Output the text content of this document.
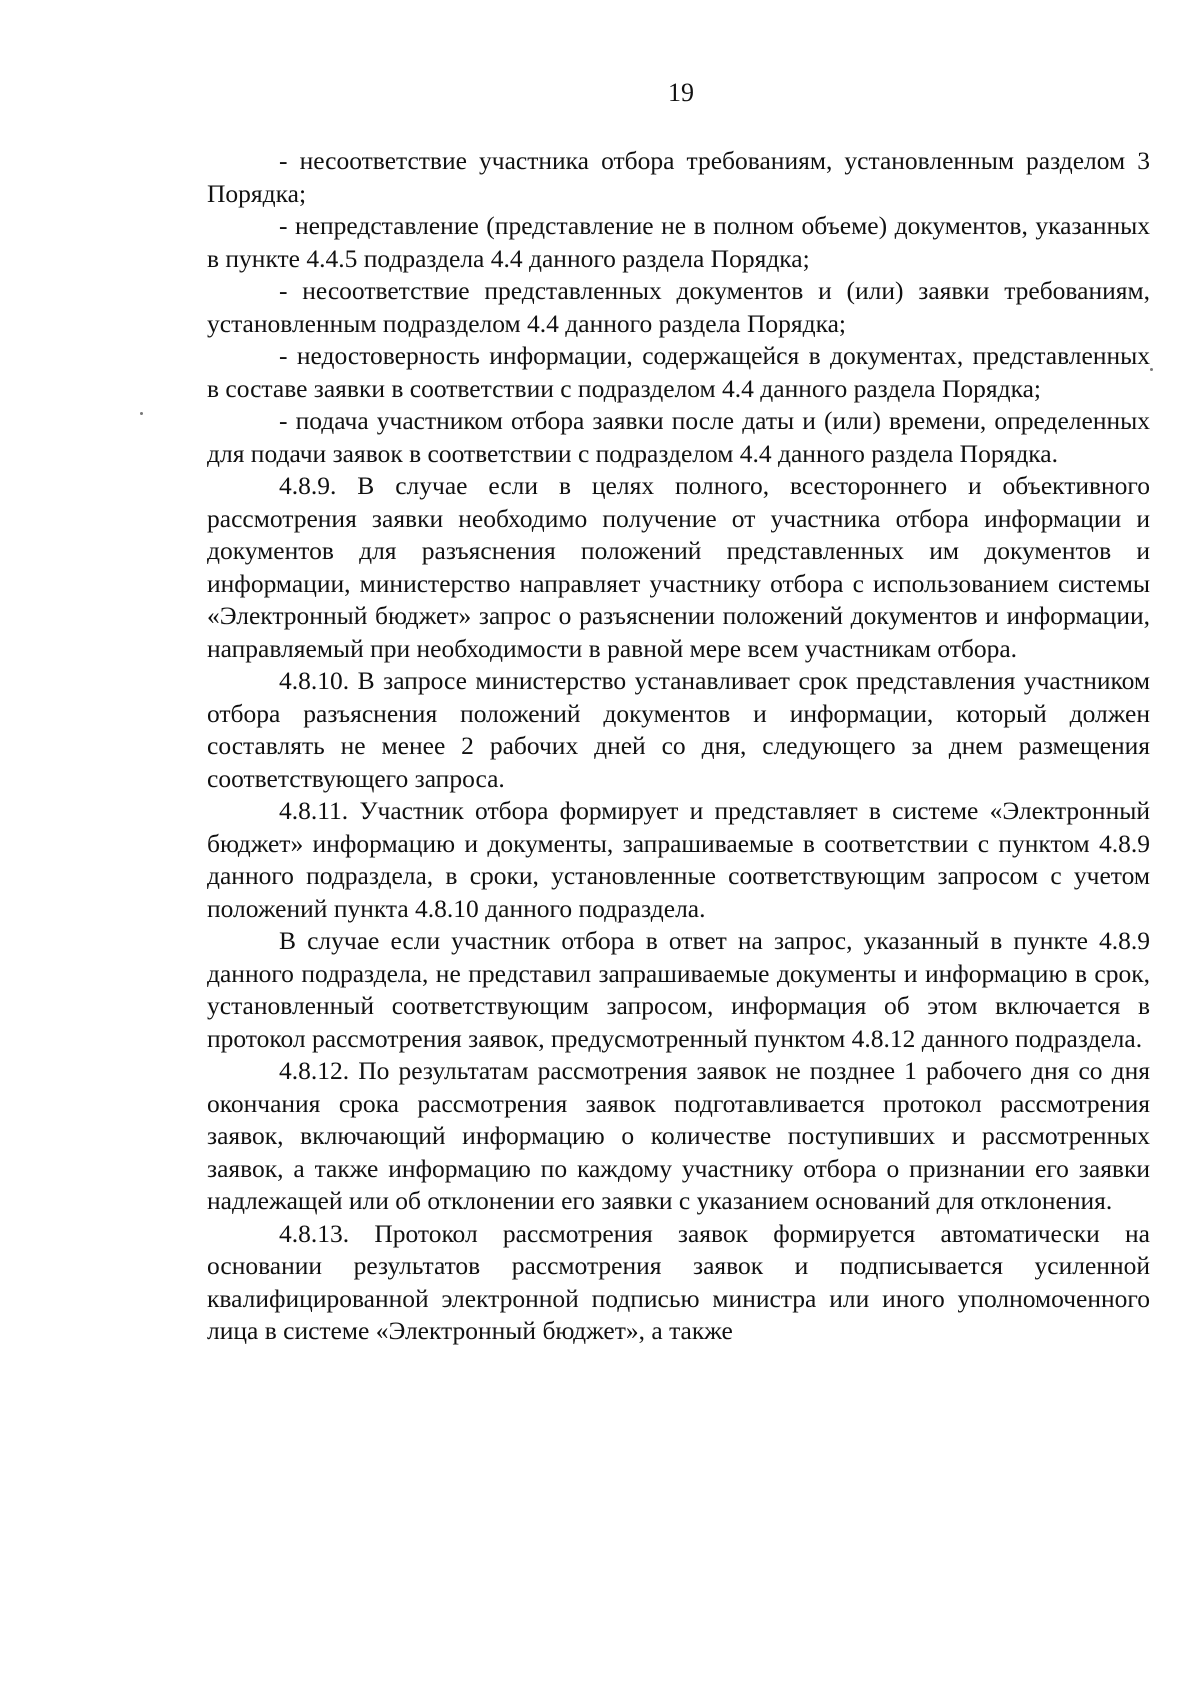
19

- несоответствие участника отбора требованиям, установленным разделом 3 Порядка;

- непредставление (представление не в полном объеме) документов, указанных в пункте 4.4.5 подраздела 4.4 данного раздела Порядка;

- несоответствие представленных документов и (или) заявки требованиям, установленным подразделом 4.4 данного раздела Порядка;

- недостоверность информации, содержащейся в документах, представленных в составе заявки в соответствии с подразделом 4.4 данного раздела Порядка;

- подача участником отбора заявки после даты и (или) времени, определенных для подачи заявок в соответствии с подразделом 4.4 данного раздела Порядка.

4.8.9. В случае если в целях полного, всестороннего и объективного рассмотрения заявки необходимо получение от участника отбора информации и документов для разъяснения положений представленных им документов и информации, министерство направляет участнику отбора с использованием системы «Электронный бюджет» запрос о разъяснении положений документов и информации, направляемый при необходимости в равной мере всем участникам отбора.

4.8.10. В запросе министерство устанавливает срок представления участником отбора разъяснения положений документов и информации, который должен составлять не менее 2 рабочих дней со дня, следующего за днем размещения соответствующего запроса.

4.8.11. Участник отбора формирует и представляет в системе «Электронный бюджет» информацию и документы, запрашиваемые в соответствии с пунктом 4.8.9 данного подраздела, в сроки, установленные соответствующим запросом с учетом положений пункта 4.8.10 данного подраздела.

В случае если участник отбора в ответ на запрос, указанный в пункте 4.8.9 данного подраздела, не представил запрашиваемые документы и информацию в срок, установленный соответствующим запросом, информация об этом включается в протокол рассмотрения заявок, предусмотренный пунктом 4.8.12 данного подраздела.

4.8.12. По результатам рассмотрения заявок не позднее 1 рабочего дня со дня окончания срока рассмотрения заявок подготавливается протокол рассмотрения заявок, включающий информацию о количестве поступивших и рассмотренных заявок, а также информацию по каждому участнику отбора о признании его заявки надлежащей или об отклонении его заявки с указанием оснований для отклонения.

4.8.13. Протокол рассмотрения заявок формируется автоматически на основании результатов рассмотрения заявок и подписывается усиленной квалифицированной электронной подписью министра или иного уполномоченного лица в системе «Электронный бюджет», а также
